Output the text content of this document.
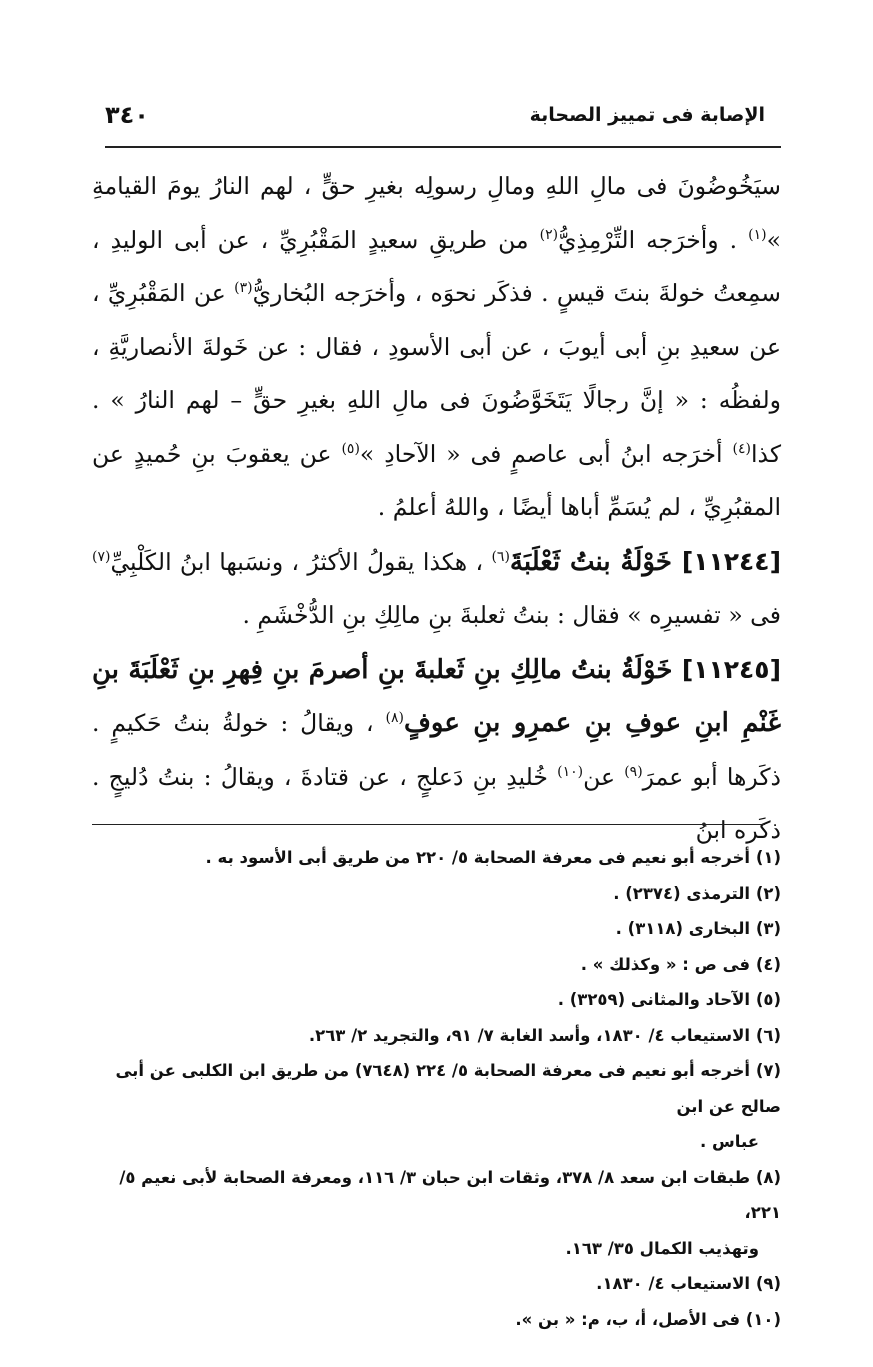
الإصابة فى تمييز الصحابة
٣٤٠

سيَخُوضُونَ فى مالِ اللهِ ومالِ رسولِه بغيرِ حقٍّ ، لهم النارُ يومَ القيامةِ »$^{(١)}$ . وأخرَجه التِّرْمِذِيُّ$^{(٢)}$ من طريقِ سعيدٍ المَقْبُرِيِّ ، عن أبى الوليدِ ، سمِعتُ خولةَ بنتَ قيسٍ . فذكَر نحوَه ، وأخرَجه البُخاريُّ$^{(٣)}$ عن المَقْبُرِيِّ ، عن سعيدِ بنِ أبى أيوبَ ، عن أبى الأسودِ ، فقال : عن خَولةَ الأنصاريَّةِ ، ولفظُه : « إنَّ رجالًا يَتَخَوَّضُونَ فى مالِ اللهِ بغيرِ حقٍّ – لهم النارُ » . كذا$^{(٤)}$ أخرَجه ابنُ أبى عاصمٍ فى « الآحادِ »$^{(٥)}$ عن يعقوبَ بنِ حُميدٍ عن المقبُرِيِّ ، لم يُسَمِّ أباها أيضًا ، واللهُ أعلمُ .

[١١٢٤٤] خَوْلَةُ بنتُ ثَعْلَبَةَ$^{(٦)}$ ، هكذا يقولُ الأكثرُ ، ونسَبها ابنُ الكَلْبِيِّ$^{(٧)}$ فى « تفسيرِه » فقال : بنتُ ثعلبةَ بنِ مالِكِ بنِ الدُّخْشَمِ .

[١١٢٤٥] خَوْلَةُ بنتُ مالِكِ بنِ ثَعلبةَ بنِ أصرمَ بنِ فِهرِ بنِ ثَعْلَبَةَ بنِ غَنْمِ ابنِ عوفِ بنِ عمرِو بنِ عوفٍ$^{(٨)}$ ، ويقالُ : خولةُ بنتُ حَكيمٍ . ذكَرها أبو عمرَ$^{(٩)}$ عن$^{(١٠)}$ خُليدِ بنِ دَعلجٍ ، عن قتادةَ ، ويقالُ : بنتُ دُليجٍ . ذكَره ابنُ

(١) أخرجه أبو نعيم فى معرفة الصحابة ٥/ ٢٢٠ من طريق أبى الأسود به .

(٢) الترمذى (٢٣٧٤) .

(٣) البخارى (٣١١٨) .

(٤) فى ص : « وكذلك » .

(٥) الآحاد والمثانى (٣٢٥٩) .

(٦) الاستيعاب ٤/ ١٨٣٠، وأسد الغابة ٧/ ٩١، والتجريد ٢/ ٢٦٣.

(٧) أخرجه أبو نعيم فى معرفة الصحابة ٥/ ٢٢٤ (٧٦٤٨) من طريق ابن الكلبى عن أبى صالح عن ابن
عباس .

(٨) طبقات ابن سعد ٨/ ٣٧٨، وثقات ابن حبان ٣/ ١١٦، ومعرفة الصحابة لأبى نعيم ٥/ ٢٢١،
وتهذيب الكمال ٣٥/ ١٦٣.

(٩) الاستيعاب ٤/ ١٨٣٠.

(١٠) فى الأصل، أ، ب، م: « بن ».
